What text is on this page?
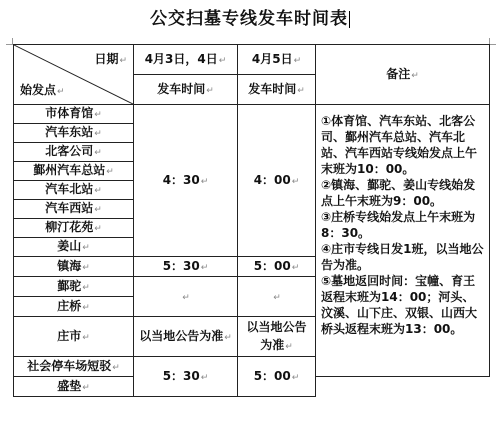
公交扫墓专线发车时间表
日期↵
始发点↵	4月3日，4日↵	4月5日↵	备注↵
	发车时间↵	发车时间↵	
市体育馆↵	4：30↵	4：00↵	①体育馆、汽车东站、北客公司、鄞州汽车总站、汽车北站、汽车西站专线始发点上午末班为10：00。
②镇海、鄞驼、姜山专线始发点上午末班为9：00。
③庄桥专线始发点上午末班为8：30。
④庄市专线日发1班，以当地公告为准。
⑤墓地返回时间：宝幢、育王返程末班为14：00；河头、汶溪、山下庄、双银、山西大桥头返程末班为13：00。

汽车东站↵			
北客公司↵			
鄞州汽车总站↵			
汽车北站↵			
汽车西站↵			
柳汀花苑↵			
姜山↵			
镇海↵	5：30↵	5：00↵	
鄞驼↵	↵	↵	
庄桥↵			
庄市↵	以当地公告为准↵	以当地公告为准↵	
社会停车场短驳↵	5：30↵	5：00↵	
盛垫↵			
